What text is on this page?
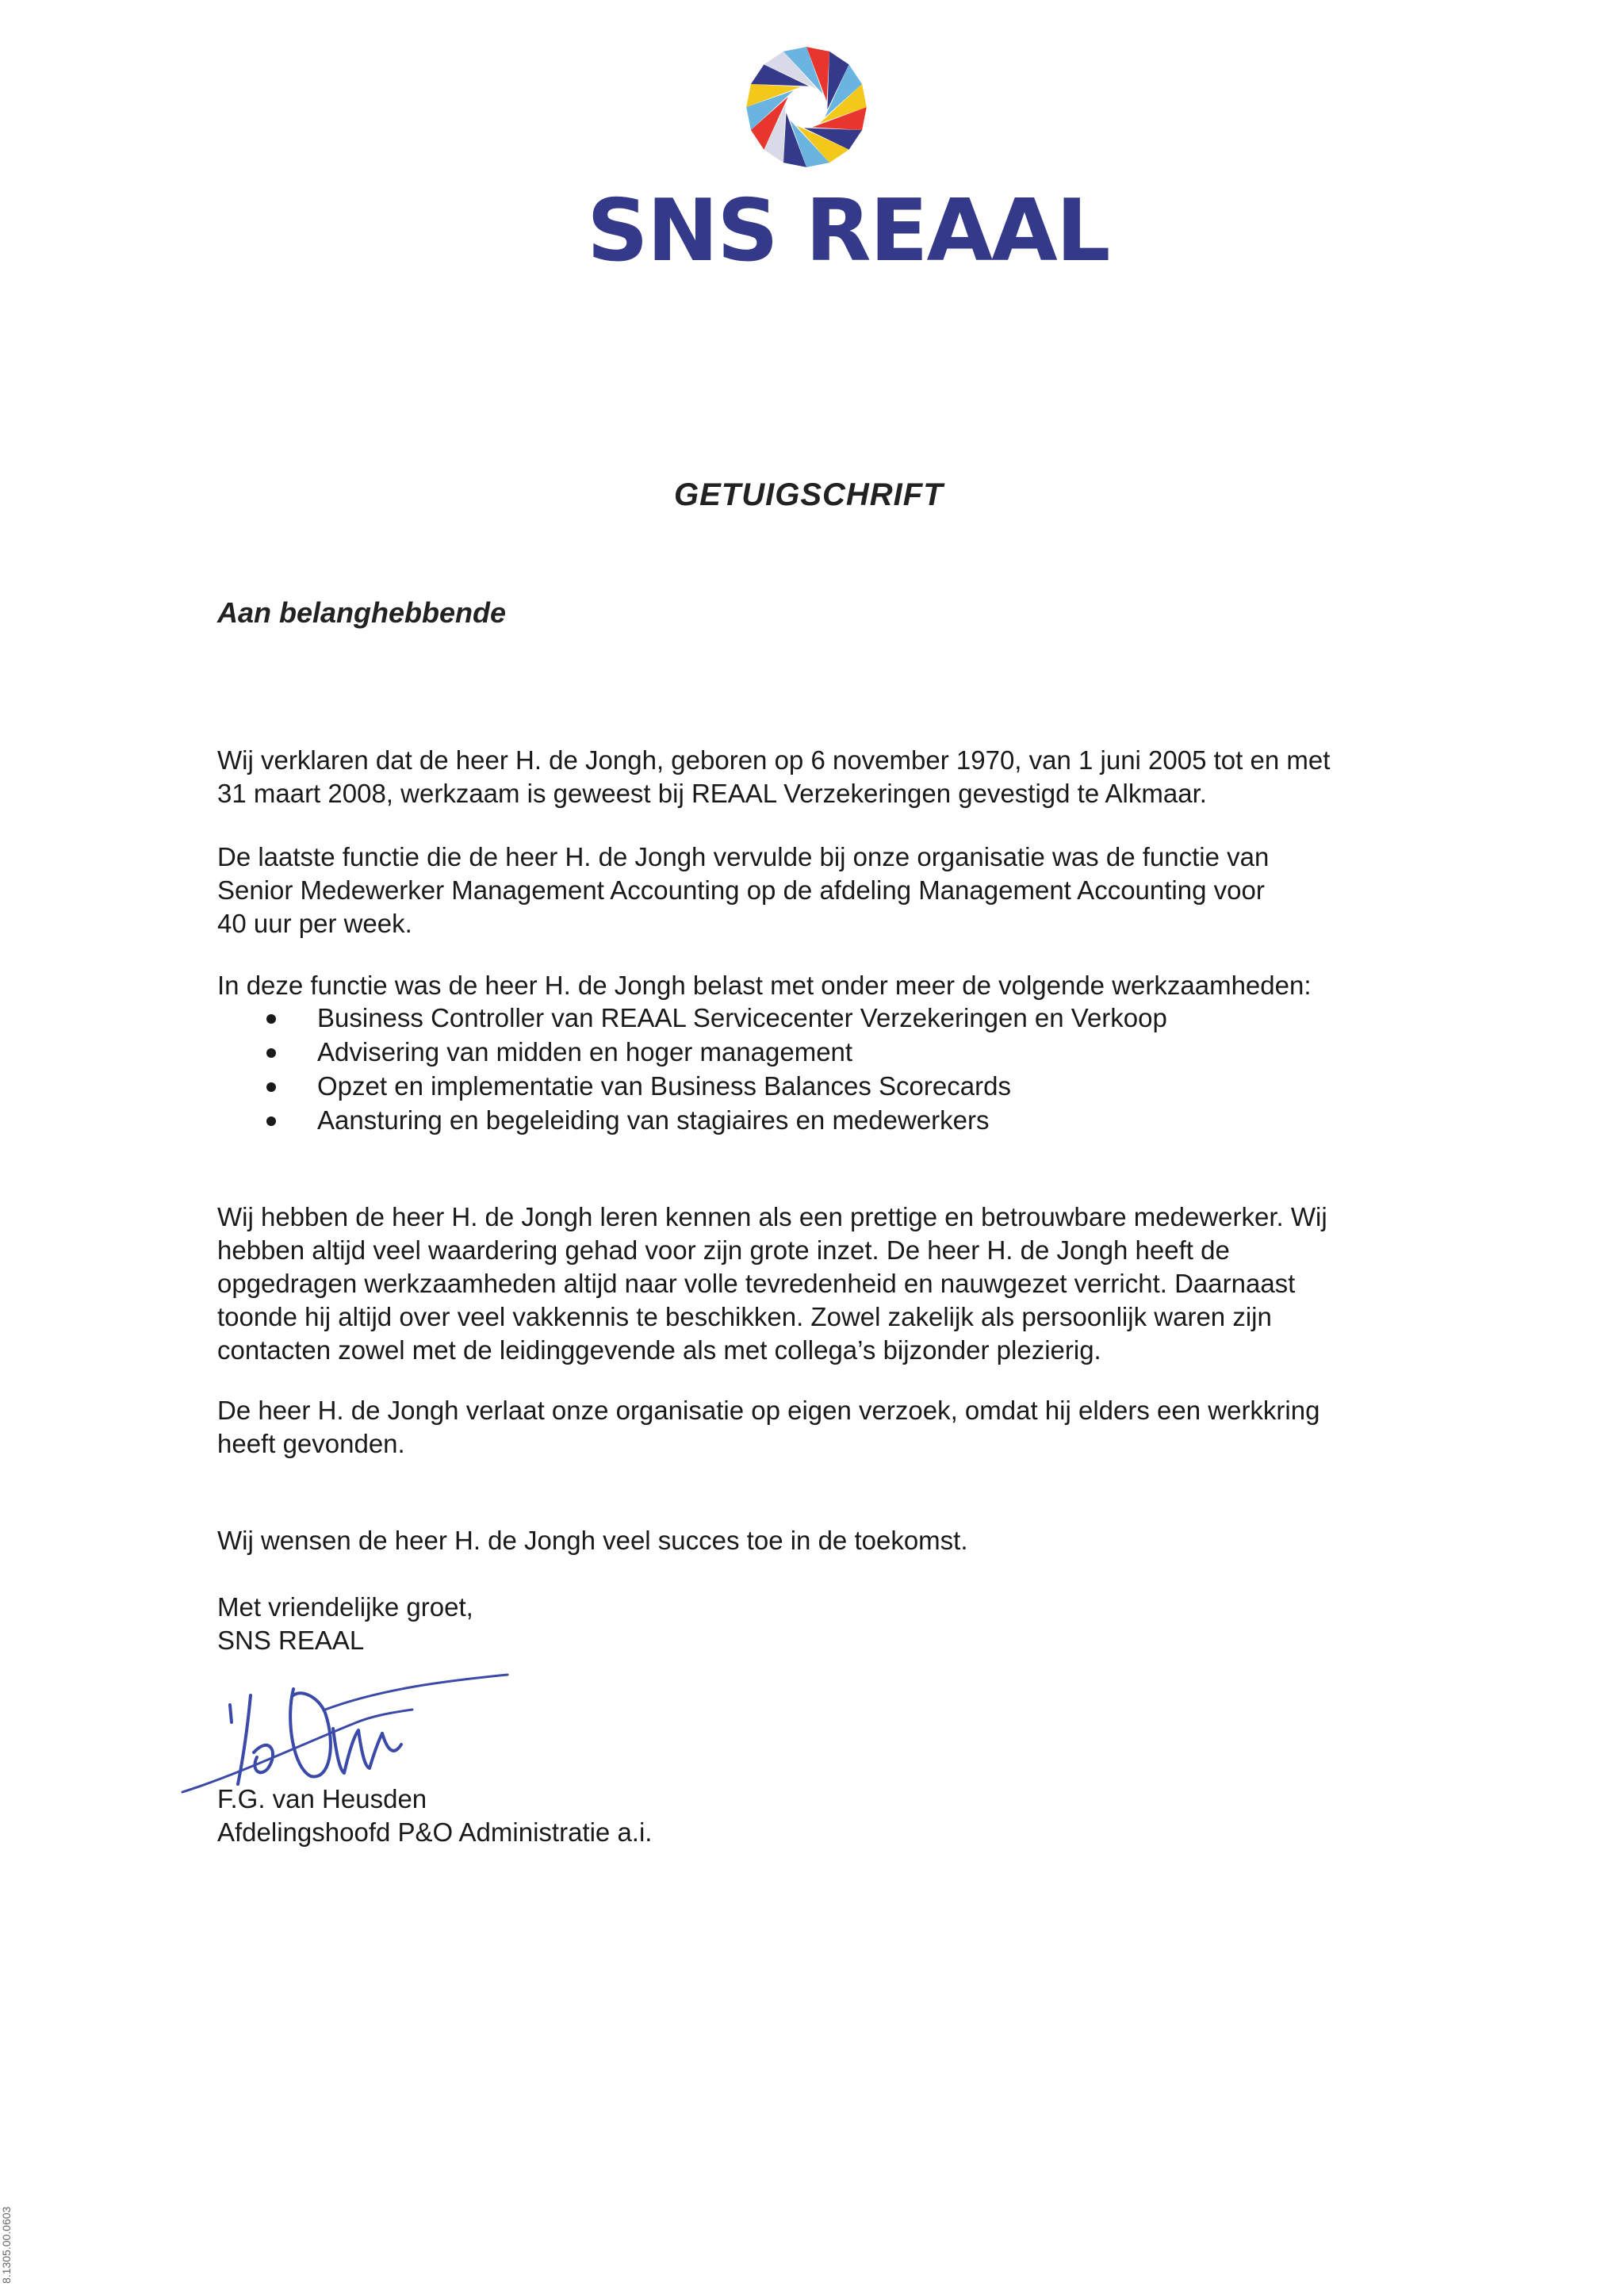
SNS REAAL
GETUIGSCHRIFT
Aan belanghebbende

Wij verklaren dat de heer H. de Jongh, geboren op 6 november 1970, van 1 juni 2005 tot en met
31 maart 2008, werkzaam is geweest bij REAAL Verzekeringen gevestigd te Alkmaar.

De laatste functie die de heer H. de Jongh vervulde bij onze organisatie was de functie van
Senior Medewerker Management Accounting op de afdeling Management Accounting voor
40 uur per week.

In deze functie was de heer H. de Jongh belast met onder meer de volgende werkzaamheden:

Business Controller van REAAL Servicecenter Verzekeringen en Verkoop
Advisering van midden en hoger management
Opzet en implementatie van Business Balances Scorecards
Aansturing en begeleiding van stagiaires en medewerkers

Wij hebben de heer H. de Jongh leren kennen als een prettige en betrouwbare medewerker. Wij
hebben altijd veel waardering gehad voor zijn grote inzet. De heer H. de Jongh heeft de
opgedragen werkzaamheden altijd naar volle tevredenheid en nauwgezet verricht. Daarnaast
toonde hij altijd over veel vakkennis te beschikken. Zowel zakelijk als persoonlijk waren zijn
contacten zowel met de leidinggevende als met collega’s bijzonder plezierig.

De heer H. de Jongh verlaat onze organisatie op eigen verzoek, omdat hij elders een werkkring
heeft gevonden.

Wij wensen de heer H. de Jongh veel succes toe in de toekomst.

Met vriendelijke groet,
SNS REAAL

F.G. van Heusden
Afdelingshoofd P&O Administratie a.i.

8.1305.00.0603
